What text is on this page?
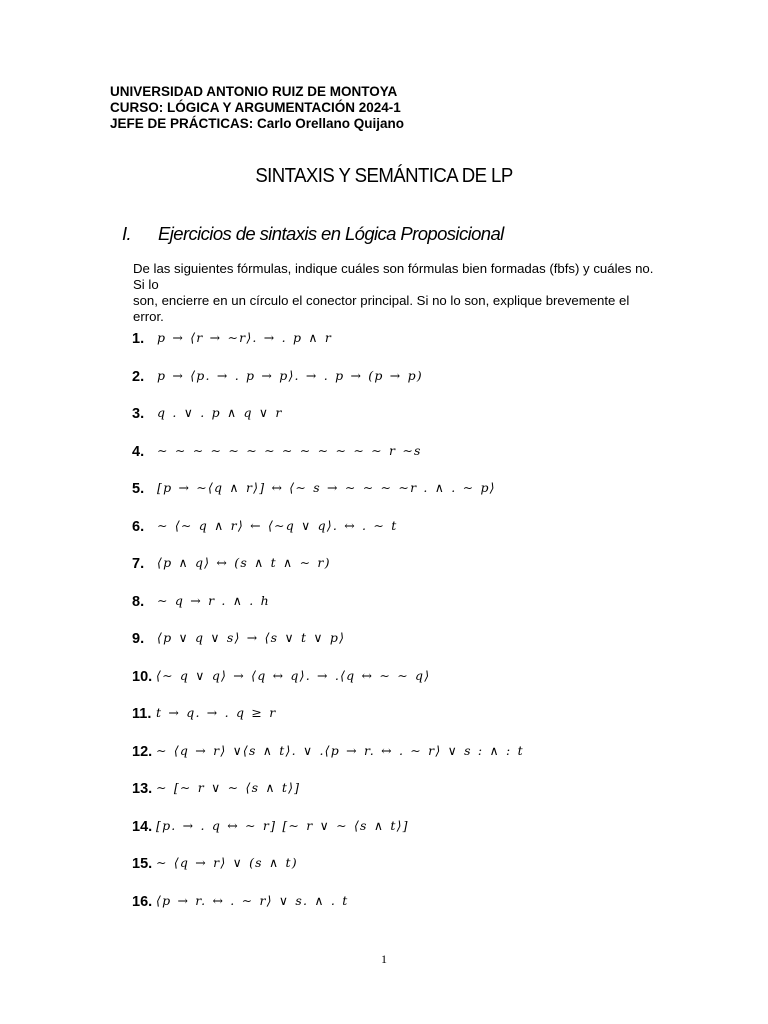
UNIVERSIDAD ANTONIO RUIZ DE MONTOYA
CURSO: LÓGICA Y ARGUMENTACIÓN 2024-1
JEFE DE PRÁCTICAS: Carlo Orellano Quijano
SINTAXIS Y SEMÁNTICA DE LP
I. Ejercicios de sintaxis en Lógica Proposicional

De las siguientes fórmulas, indique cuáles son fórmulas bien formadas (fbfs) y cuáles no. Si lo

son, encierre en un círculo el conector principal. Si no lo son, explique brevemente el error.

1.	p → ⟨r → ∼r⟩. → . p ∧ r
2.	p → ⟨p. → . p → p⟩. → . p → (p → p)
3.	q . ∨ . p ∧ q ∨ r
4.	∼ ∼ ∼ ∼ ∼ ∼ ∼ ∼ ∼ ∼ ∼ ∼ ∼ r ∼s
5.	[p → ∼⟨q ∧ r⟩] ↔ ⟨∼ s → ∼ ∼ ∼ ∼r . ∧ . ∼ p⟩
6.	∼ ⟨∼ q ∧ r⟩ ← ⟨∼q ∨ q⟩. ↔ . ∼ t
7.	⟨p ∧ q⟩ ↔ (s ∧ t ∧ ∼ r)
8.	∼ q → r . ∧ . h
9.	⟨p ∨ q ∨ s⟩ → ⟨s ∨ t ∨ p⟩
10. ⟨∼ q ∨ q⟩ → ⟨q ↔ q⟩. → .⟨q ↔ ∼ ∼ q⟩
11. t → q. → . q ≥ r
12. ∼ ⟨q → r⟩ ∨⟨s ∧ t⟩. ∨ .⟨p → r. ↔ . ∼ r⟩ ∨ s : ∧ : t
13. ∼ [∼ r ∨ ∼ ⟨s ∧ t⟩]
14. [p. → . q ↔ ∼ r] [∼ r ∨ ∼ ⟨s ∧ t⟩]
15. ∼ ⟨q → r⟩ ∨ (s ∧ t)
16. ⟨p → r. ↔ . ∼ r⟩ ∨ s. ∧ . t
1
